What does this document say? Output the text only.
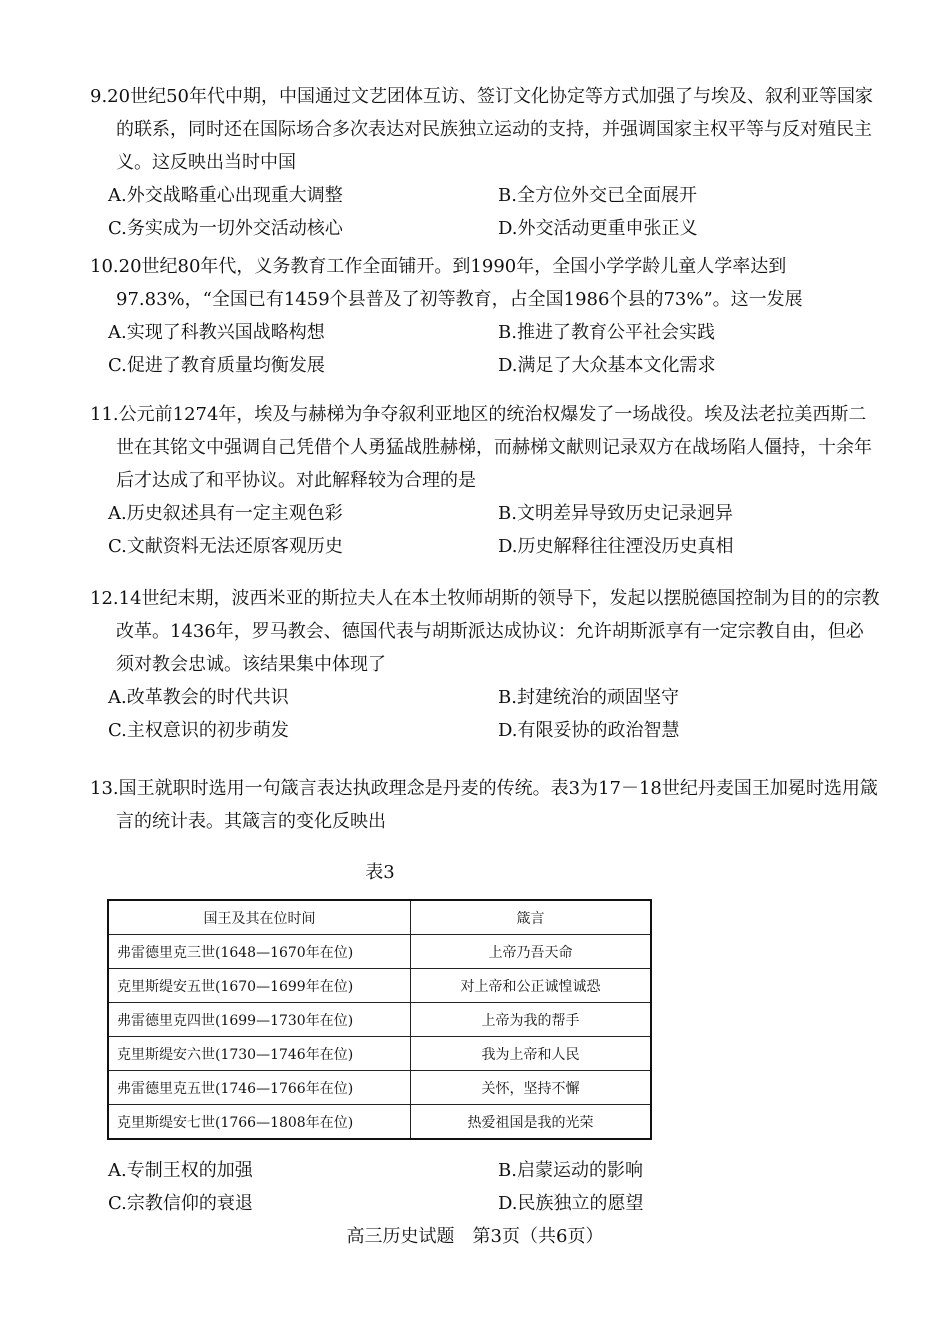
9.20世纪50年代中期，中国通过文艺团体互访、签订文化协定等方式加强了与埃及、叙利亚等国家的联系，同时还在国际场合多次表达对民族独立运动的支持，并强调国家主权平等与反对殖民主义。这反映出当时中国
A.外交战略重心出现重大调整	B.全方位外交已全面展开
C.务实成为一切外交活动核心	D.外交活动更重申张正义
10.20世纪80年代，义务教育工作全面铺开。到1990年，全国小学学龄儿童人学率达到97.83%，“全国已有1459个县普及了初等教育，占全国1986个县的73%”。这一发展
A.实现了科教兴国战略构想	B.推进了教育公平社会实践
C.促进了教育质量均衡发展	D.满足了大众基本文化需求
11.公元前1274年，埃及与赫梯为争夺叙利亚地区的统治权爆发了一场战役。埃及法老拉美西斯二世在其铭文中强调自己凭借个人勇猛战胜赫梯，而赫梯文献则记录双方在战场陷人僵持，十余年后才达成了和平协议。对此解释较为合理的是
A.历史叙述具有一定主观色彩	B.文明差异导致历史记录迥异
C.文献资料无法还原客观历史	D.历史解释往往湮没历史真相
12.14世纪末期，波西米亚的斯拉夫人在本土牧师胡斯的领导下，发起以摆脱德国控制为目的的宗教改革。1436年，罗马教会、德国代表与胡斯派达成协议：允许胡斯派享有一定宗教自由，但必须对教会忠诚。该结果集中体现了
A.改革教会的时代共识	B.封建统治的顽固坚守
C.主权意识的初步萌发	D.有限妥协的政治智慧
13.国王就职时选用一句箴言表达执政理念是丹麦的传统。表3为17－18世纪丹麦国王加冕时选用箴言的统计表。其箴言的变化反映出
表3
国王及其在位时间	箴言
弗雷德里克三世(1648—1670年在位)	上帝乃吾天命
克里斯缇安五世(1670—1699年在位)	对上帝和公正诚惶诚恐
弗雷德里克四世(1699—1730年在位)	上帝为我的帮手
克里斯缇安六世(1730—1746年在位)	我为上帝和人民
弗雷德里克五世(1746—1766年在位)	关怀，坚持不懈
克里斯缇安七世(1766—1808年在位)	热爱祖国是我的光荣
A.专制王权的加强	B.启蒙运动的影响
C.宗教信仰的衰退	D.民族独立的愿望
高三历史试题　第3页（共6页）
